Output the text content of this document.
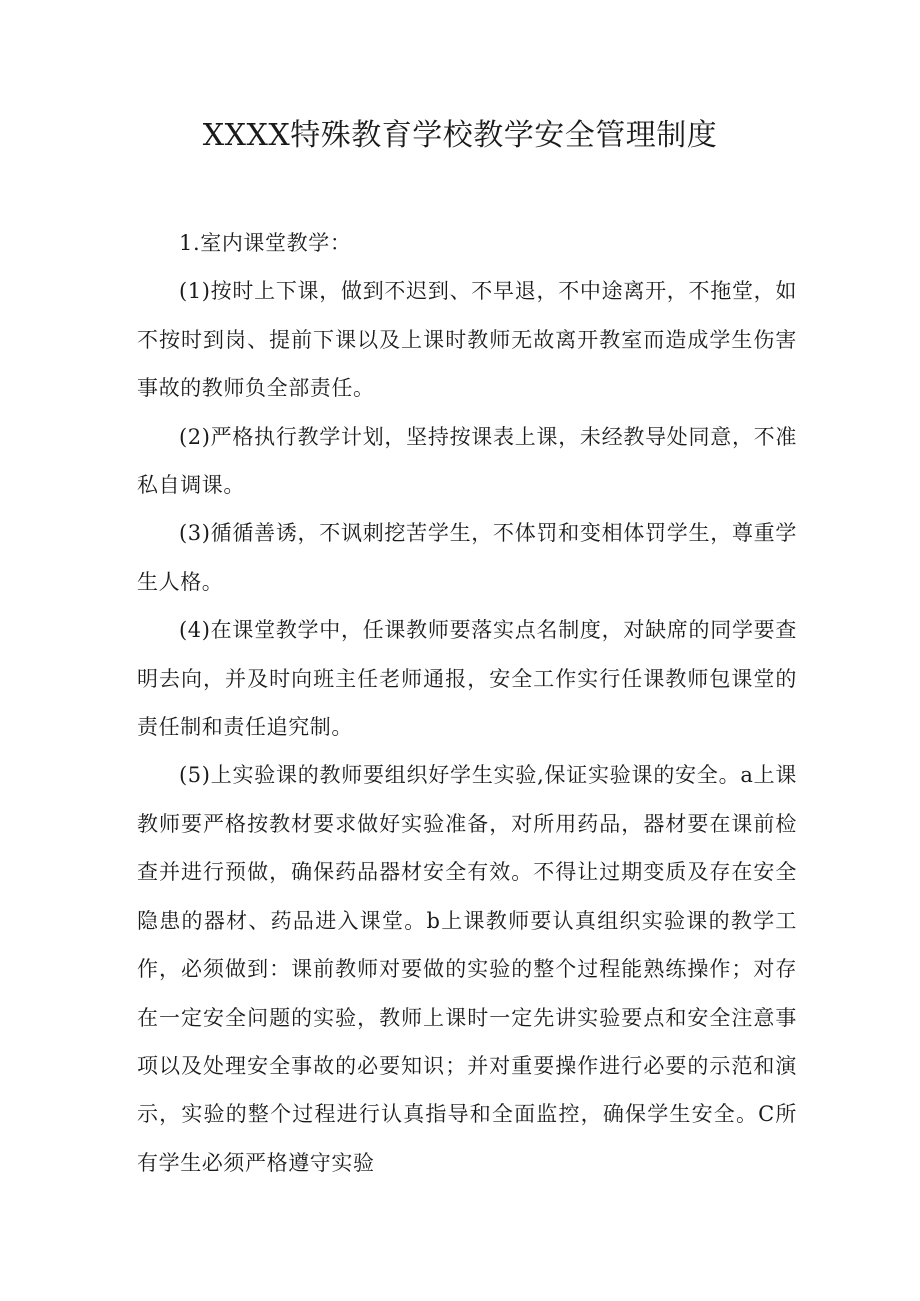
XXXX特殊教育学校教学安全管理制度

1.室内课堂教学：

(1)按时上下课，做到不迟到、不早退，不中途离开，不拖堂，如不按时到岗、提前下课以及上课时教师无故离开教室而造成学生伤害事故的教师负全部责任。

(2)严格执行教学计划，坚持按课表上课，未经教导处同意，不准私自调课。

(3)循循善诱，不讽刺挖苦学生，不体罚和变相体罚学生，尊重学生人格。

(4)在课堂教学中，任课教师要落实点名制度，对缺席的同学要查明去向，并及时向班主任老师通报，安全工作实行任课教师包课堂的责任制和责任追究制。

(5)上实验课的教师要组织好学生实验,保证实验课的安全。a上课教师要严格按教材要求做好实验准备，对所用药品，器材要在课前检查并进行预做，确保药品器材安全有效。不得让过期变质及存在安全隐患的器材、药品进入课堂。b上课教师要认真组织实验课的教学工作，必须做到：课前教师对要做的实验的整个过程能熟练操作；对存在一定安全问题的实验，教师上课时一定先讲实验要点和安全注意事项以及处理安全事故的必要知识；并对重要操作进行必要的示范和演示，实验的整个过程进行认真指导和全面监控，确保学生安全。C所有学生必须严格遵守实验
